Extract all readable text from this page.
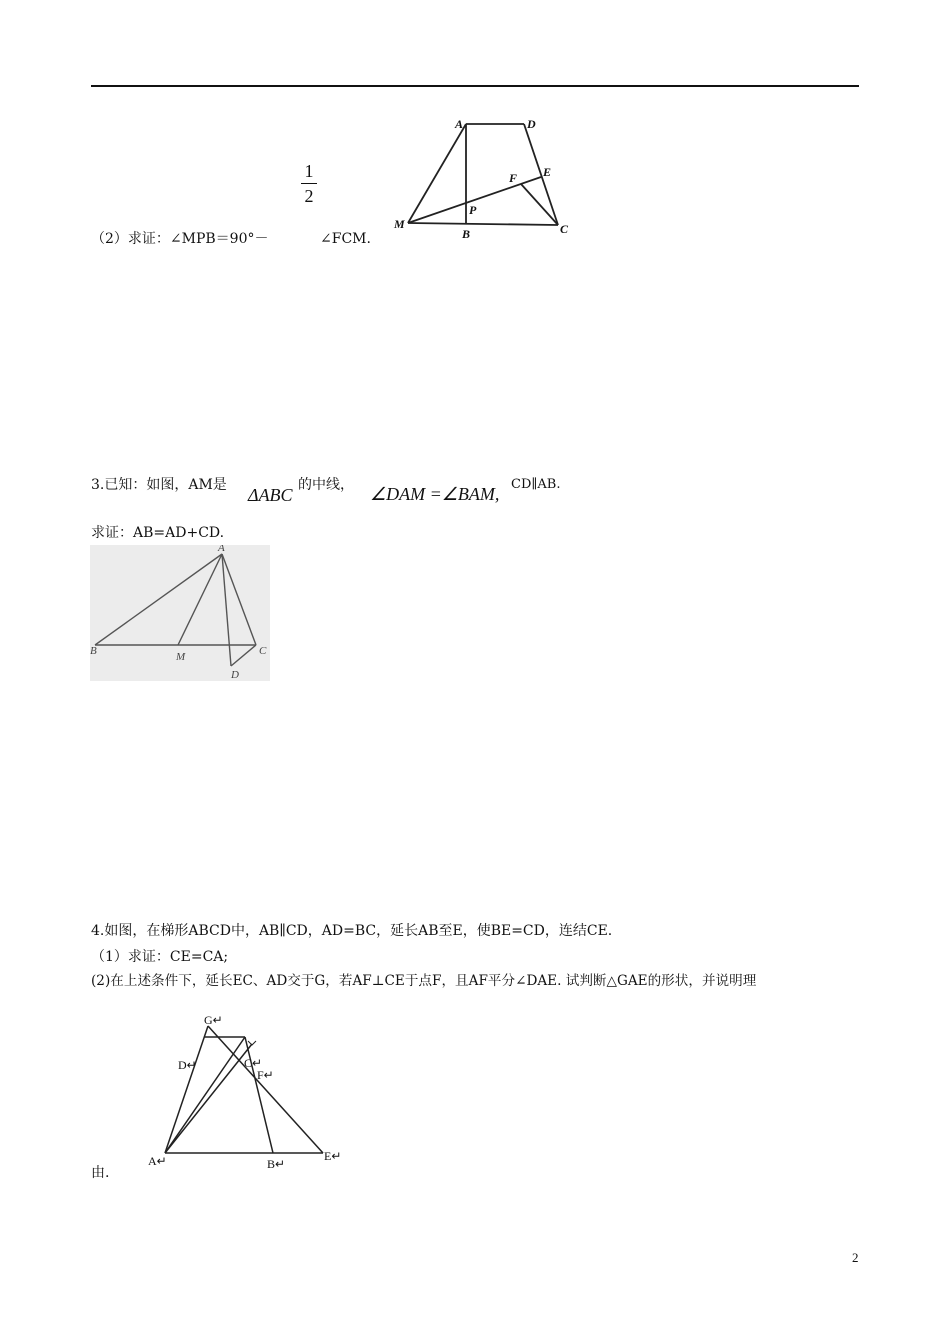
1
2
（2）求证：∠MPB＝90°－	∠FCM.
A	D
E
F
P
M
B	C
3.已知：如图，AM是 ΔABC 的中线， ∠DAM =∠BAM, CD∥AB.
求证：AB=AD+CD.
A
B	M	C
D
4.如图，在梯形ABCD中，AB∥CD，AD=BC，延长AB至E，使BE=CD，连结CE.
（1）求证：CE=CA;
(2)在上述条件下，延长EC、AD交于G，若AF⊥CE于点F，且AF平分∠DAE. 试判断△GAE的形状，并说明理
G↵
D↵	C↵
F↵
A↵	B↵
E↵
由.
2
